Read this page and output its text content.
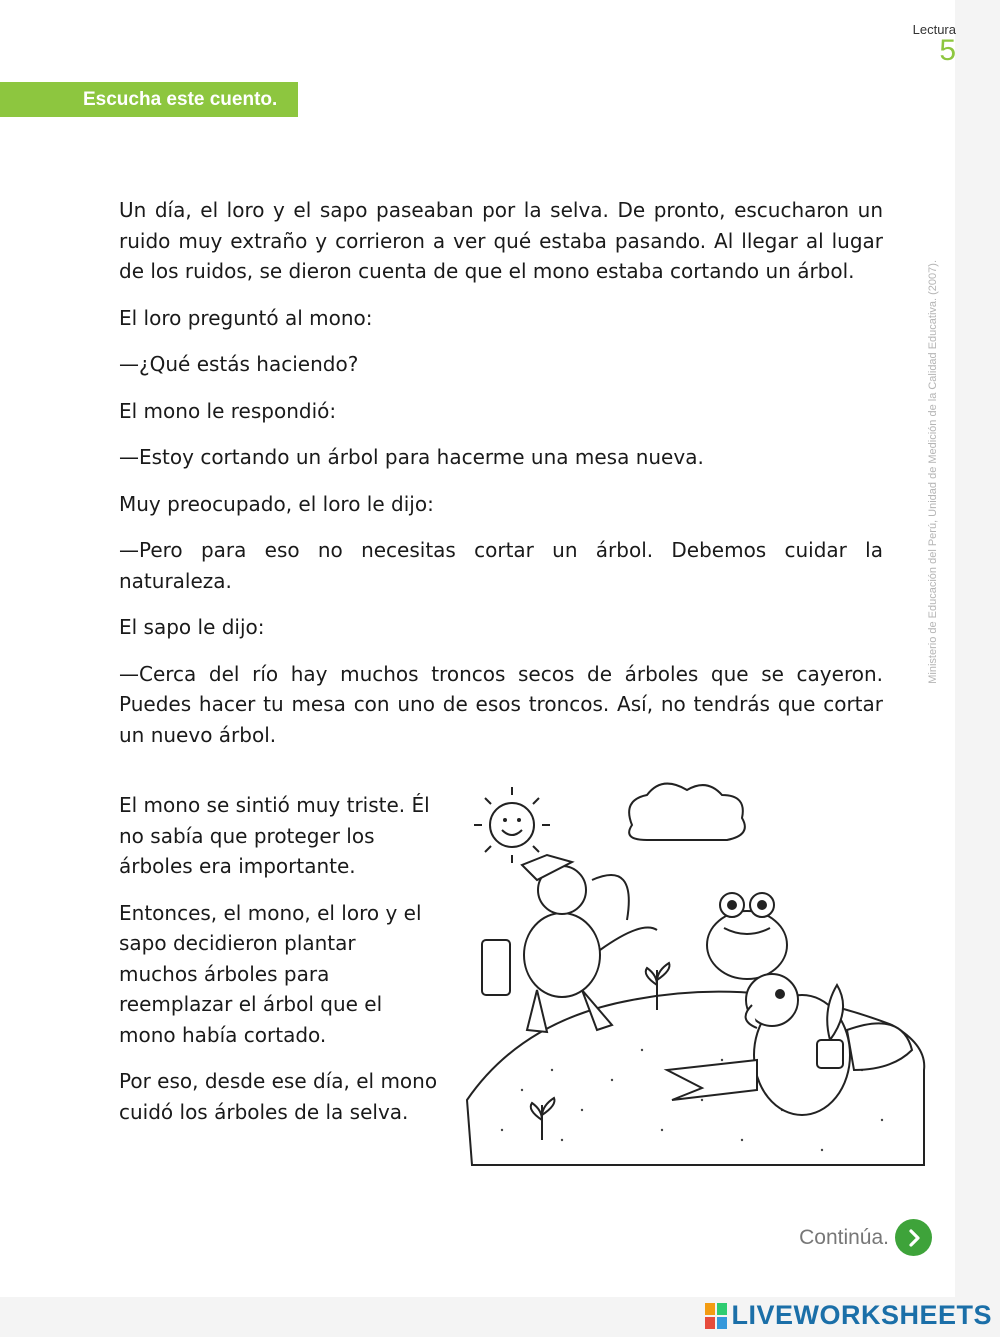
Lectura
5
Escucha este cuento.

Un día, el loro y el sapo paseaban por la selva. De pronto, escucharon un ruido muy extraño y corrieron a ver qué estaba pasando. Al llegar al lugar de los ruidos, se dieron cuenta de que el mono estaba cortando un árbol.

El loro preguntó al mono:

—¿Qué estás haciendo?

El mono le respondió:

—Estoy cortando un árbol para hacerme una mesa nueva.

Muy preocupado, el loro le dijo:

—Pero para eso no necesitas cortar un árbol. Debemos cuidar la naturaleza.

El sapo le dijo:

—Cerca del río hay muchos troncos secos de árboles que se cayeron. Puedes hacer tu mesa con uno de esos troncos. Así, no tendrás que cortar un nuevo árbol.

El mono se sintió muy triste. Él no sabía que proteger los árboles era importante.

Entonces, el mono, el loro y el sapo decidieron plantar muchos árboles para reemplazar el árbol que el mono había cortado.

Por eso, desde ese día, el mono cuidó los árboles de la selva.

Ministerio de Educación del Perú, Unidad de Medición de la Calidad Educativa. (2007).
Continúa.
LIVEWORKSHEETS
